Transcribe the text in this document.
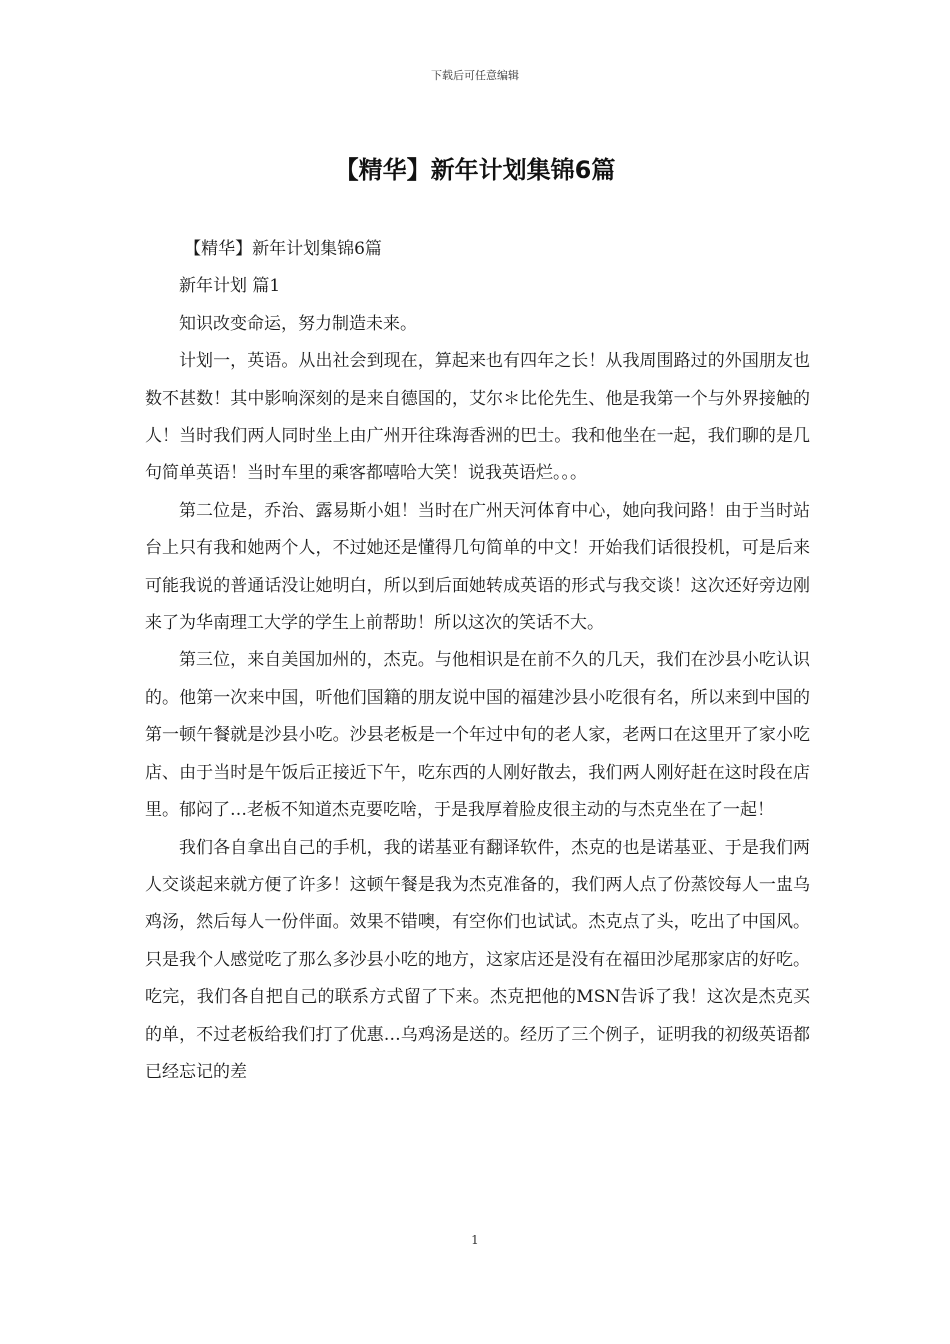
下载后可任意编辑
【精华】新年计划集锦6篇

【精华】新年计划集锦6篇

新年计划 篇1

知识改变命运，努力制造未来。

计划一，英语。从出社会到现在，算起来也有四年之长！从我周围路过的外国朋友也数不甚数！其中影响深刻的是来自德国的，艾尔＊比伦先生、他是我第一个与外界接触的人！当时我们两人同时坐上由广州开往珠海香洲的巴士。我和他坐在一起，我们聊的是几句简单英语！当时车里的乘客都嘻哈大笑！说我英语烂。。。

第二位是，乔治、露易斯小姐！当时在广州天河体育中心，她向我问路！由于当时站台上只有我和她两个人，不过她还是懂得几句简单的中文！开始我们话很投机，可是后来可能我说的普通话没让她明白，所以到后面她转成英语的形式与我交谈！这次还好旁边刚来了为华南理工大学的学生上前帮助！所以这次的笑话不大。

第三位，来自美国加州的，杰克。与他相识是在前不久的几天，我们在沙县小吃认识的。他第一次来中国，听他们国籍的朋友说中国的福建沙县小吃很有名，所以来到中国的第一顿午餐就是沙县小吃。沙县老板是一个年过中旬的老人家，老两口在这里开了家小吃店、由于当时是午饭后正接近下午，吃东西的人刚好散去，我们两人刚好赶在这时段在店里。郁闷了…老板不知道杰克要吃啥，于是我厚着脸皮很主动的与杰克坐在了一起！

我们各自拿出自己的手机，我的诺基亚有翻译软件，杰克的也是诺基亚、于是我们两人交谈起来就方便了许多！这顿午餐是我为杰克准备的，我们两人点了份蒸饺每人一盅乌鸡汤，然后每人一份伴面。效果不错噢，有空你们也试试。杰克点了头，吃出了中国风。只是我个人感觉吃了那么多沙县小吃的地方，这家店还是没有在福田沙尾那家店的好吃。吃完，我们各自把自己的联系方式留了下来。杰克把他的MSN告诉了我！这次是杰克买的单，不过老板给我们打了优惠…乌鸡汤是送的。经历了三个例子，证明我的初级英语都已经忘记的差

1
